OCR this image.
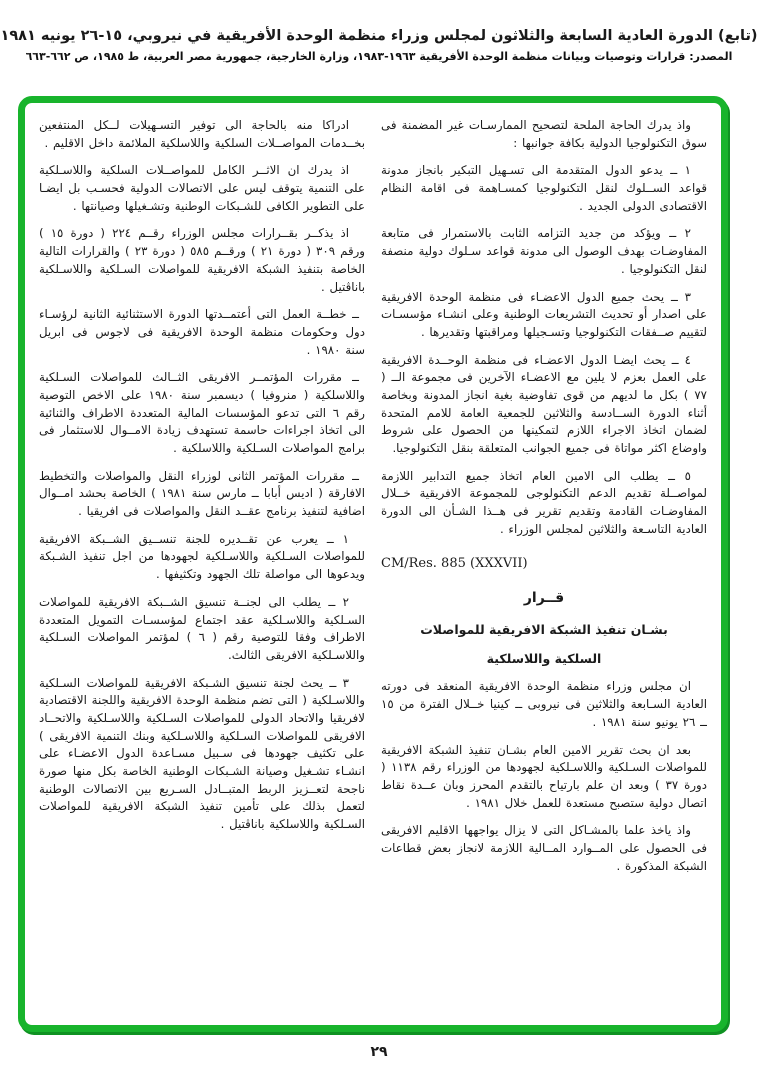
(تابع) الدورة العادية السابعة والثلاثون لمجلس وزراء منظمة الوحدة الأفريقية في نيروبي، ١٥-٢٦ يونيه ١٩٨١
المصدر: قرارات وتوصيات وبيانات منظمة الوحدة الأفريقية ١٩٦٣-١٩٨٣، وزارة الخارجية، جمهورية مصر العربية، ط ١٩٨٥، ص ٦٦٢-٦٦٣

واذ يدرك الحاجة الملحة لتصحيح الممارسـات غير المضمنة فى سوق التكنولوجيا الدولية بكافة جوانبها :

١ ــ يدعو الدول المتقدمة الى تسـهيل التبكير بانجاز مدونة قواعد الســلوك لنقل التكنولوجيا كمسـاهمة فى اقامة النظام الاقتصادى الدولى الجديد .

٢ ــ ويؤكد من جديد التزامه الثابت بالاستمرار فى متابعة المفاوضـات بهدف الوصول الى مدونة قواعد سـلوك دولية منصفة لنقل التكنولوجيا .

٣ ــ يحث جميع الدول الاعضـاء فى منظمة الوحدة الافريقية على اصدار أو تحديث التشريعات الوطنية وعلى انشـاء مؤسسـات لتقييم صــفقات التكنولوجيا وتسـجيلها ومراقبتها وتقديرها .

٤ ــ يحث ايضـا الدول الاعضـاء فى منظمة الوحــدة الافريقية على العمل بعزم لا يلين مع الاعضـاء الآخرين فى مجموعة الــ ( ٧٧ ) بكل ما لديهم من قوى تفاوضية بغية انجاز المدونة وبخاصة أثناء الدورة الســادسة والثلاثين للجمعية العامة للامم المتحدة لضمان اتخاذ الاجراء اللازم لتمكينها من الحصول على شروط واوضاع اكثر مواتاة فى جميع الجوانب المتعلقة بنقل التكنولوجيا.

٥ ــ يطلب الى الامين العام اتخاذ جميع التدابير اللازمة لمواصــلة تقديم الدعم التكنولوجى للمجموعة الافريقية خــلال المفاوضـات القادمة وتقديم تقرير فى هــذا الشـأن الى الدورة العادية التاسـعة والثلاثين لمجلس الوزراء .

CM/Res. 885 (XXXVII)
قــرار
بشـان تنفيذ الشبكة الافريقية للمواصلات
السلكية واللاسلكية

ان مجلس وزراء منظمة الوحدة الافريقية المنعقد فى دورته العادية السـابعة والثلاثين فى نيروبى ــ كينيا خــلال الفترة من ١٥ ــ ٢٦ يونيو سنة ١٩٨١ .

بعد ان بحث تقرير الامين العام بشـان تنفيذ الشبكة الافريقية للمواصلات السـلكية واللاسـلكية لجهودها من الوزراء رقم ١١٣٨ ( دورة ٣٧ ) وبعد ان علم بارتياح بالتقدم المحرز وبان عــدة نقاط اتصال دولية ستصبح مستعدة للعمل خلال ١٩٨١ .

واذ ياخذ علما بالمشـاكل التى لا يزال يواجهها الاقليم الافريقى فى الحصول على المــوارد المــالية اللازمة لانجاز بعض قطاعات الشبكة المذكورة .

ادراكا منه بالحاجة الى توفير التسـهيلات لــكل المنتفعين بخــدمات المواصــلات السلكية واللاسلكية الملائمة داخل الاقليم .

اذ يدرك ان الاثــر الكامل للمواصــلات السلكية واللاسـلكية على التنمية يتوقف ليس على الاتصالات الدولية فحسـب بل ايضـا على التطوير الكافى للشـبكات الوطنية وتشـغيلها وصيانتها .

اذ يذكــر بقــرارات مجلس الوزراء رقــم ٢٢٤ ( دورة ١٥ ) ورقم ٣٠٩ ( دورة ٢١ ) ورقــم ٥٨٥ ( دورة ٢٣ ) والقرارات التالية الخاصة بتنفيذ الشبكة الافريقية للمواصلات السـلكية واللاسـلكية باناڤتيل .

ــ خطــة العمل التى أعتمــدتها الدورة الاستثنائية الثانية لرؤسـاء دول وحكومات منظمة الوحدة الافريقية فى لاجوس فى ابريل سنة ١٩٨٠ .

ــ مقررات المؤتمــر الافريقى الثــالث للمواصلات السـلكية واللاسلكية ( منروفيا ) ديسمبر سنة ١٩٨٠ على الاخص التوصية رقم ٦ التى تدعو المؤسسات المالية المتعددة الاطراف والثنائية الى اتخاذ اجراءات حاسمة تستهدف زيادة الامــوال للاستثمار فى برامج المواصلات السـلكية واللاسلكية .

ــ مقررات المؤتمر الثانى لوزراء النقل والمواصلات والتخطيط الافارقة ( اديس أبابا ــ مارس سنة ١٩٨١ ) الخاصة بحشد امــوال اضافية لتنفيذ برنامج عقــد النقل والمواصلات فى افريقيا .

١ ــ يعرب عن تقــديره للجنة تنســيق الشــبكة الافريقية للمواصلات السـلكية واللاسـلكية لجهودها من اجل تنفيذ الشـبكة ويدعوها الى مواصلة تلك الجهود وتكثيفها .

٢ ــ يطلب الى لجنــة تنسيق الشــبكة الافريقية للمواصلات السـلكية واللاسـلكية عقد اجتماع لمؤسسـات التمويل المتعددة الاطراف وفقا للتوصية رقم ( ٦ ) لمؤتمر المواصلات السـلكية واللاسـلكية الافريقى الثالث.

٣ ــ يحث لجنة تنسيق الشـبكة الافريقية للمواصلات السـلكية واللاسـلكية ( التى تضم منظمة الوحدة الافريقية واللجنة الاقتصادية لافريقيا والاتحاد الدولى للمواصلات السـلكية واللاسـلكية والاتحــاد الافريقى للمواصلات السـلكية واللاسـلكية وبنك التنمية الافريقى ) على تكثيف جهودها فى سـبيل مسـاعدة الدول الاعضـاء على انشـاء تشـغيل وصيانة الشـبكات الوطنية الخاصة بكل منها صورة ناجحة لتعــزيز الربط المتبــادل السـريع بين الاتصالات الوطنية لتعمل بذلك على تأمين تنفيذ الشبكة الافريقية للمواصلات السـلكية واللاسلكية باناڤتيل .

٢٩
